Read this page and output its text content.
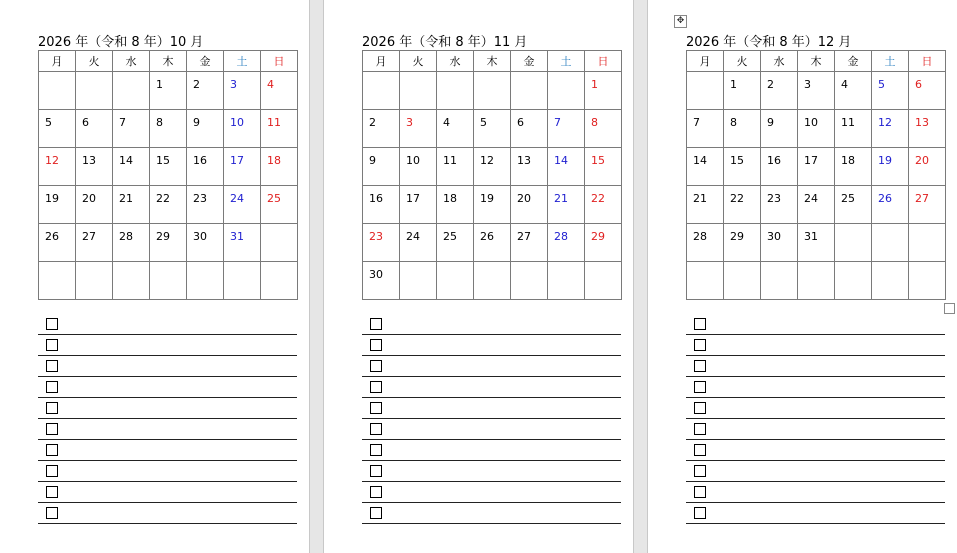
2026 年（令和 8 年）10 月
月	火	水	木	金	土	日
			1	2	3	4
5	6	7	8	9	10	11
12	13	14	15	16	17	18
19	20	21	22	23	24	25
26	27	28	29	30	31	

2026 年（令和 8 年）11 月
月	火	水	木	金	土	日
						1
2	3	4	5	6	7	8
9	10	11	12	13	14	15
16	17	18	19	20	21	22
23	24	25	26	27	28	29
30						
2026 年（令和 8 年）12 月
月	火	水	木	金	土	日
	1	2	3	4	5	6
7	8	9	10	11	12	13
14	15	16	17	18	19	20
21	22	23	24	25	26	27
28	29	30	31			

✥
